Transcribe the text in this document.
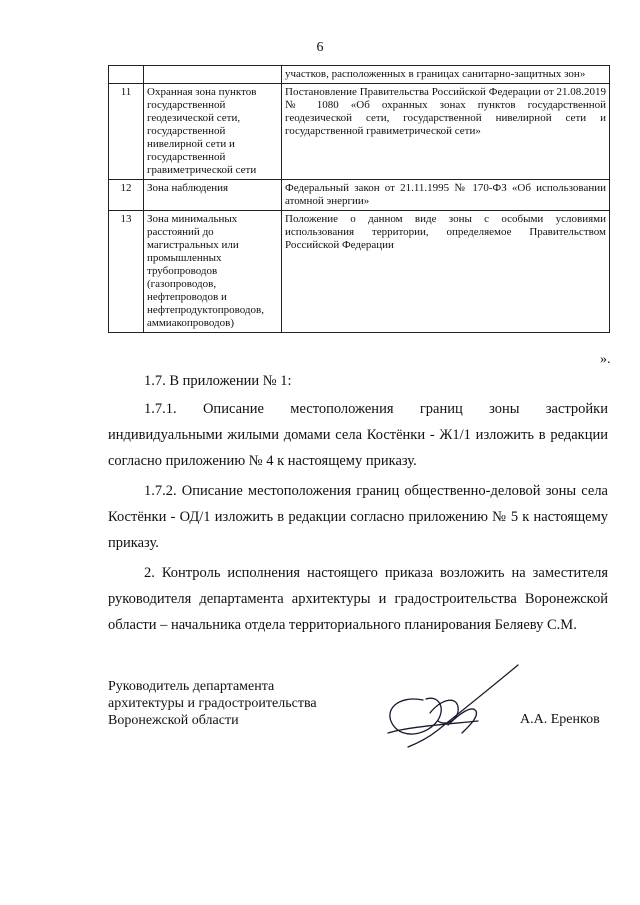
6
		участков, расположенных в границах санитарно-защитных зон»
11	Охранная зона пунктов государственной геодезической сети, государственной нивелирной сети и государственной гравиметрической сети	Постановление Правительства Российской Федерации от 21.08.2019 № 1080 «Об охранных зонах пунктов государственной геодезической сети, государственной нивелирной сети и государственной гравиметрической сети»
12	Зона наблюдения	Федеральный закон от 21.11.1995 № 170-ФЗ «Об использовании атомной энергии»
13	Зона минимальных расстояний до магистральных или промышленных трубопроводов (газопроводов, нефтепроводов и нефтепродуктопроводов, аммиакопроводов)	Положение о данном виде зоны с особыми условиями использования территории, определяемое Правительством Российской Федерации
».

1.7. В приложении № 1:

1.7.1. Описание местоположения границ зоны застройки индивидуальными жилыми домами села Костёнки - Ж1/1 изложить в редакции согласно приложению № 4 к настоящему приказу.

1.7.2. Описание местоположения границ общественно-деловой зоны села Костёнки - ОД/1 изложить в редакции согласно приложению № 5 к настоящему приказу.

2. Контроль исполнения настоящего приказа возложить на заместителя руководителя департамента архитектуры и градостроительства Воронежской области – начальника отдела территориального планирования Беляеву С.М.

Руководитель департамента
архитектуры и градостроительства
Воронежской области	А.А. Еренков
